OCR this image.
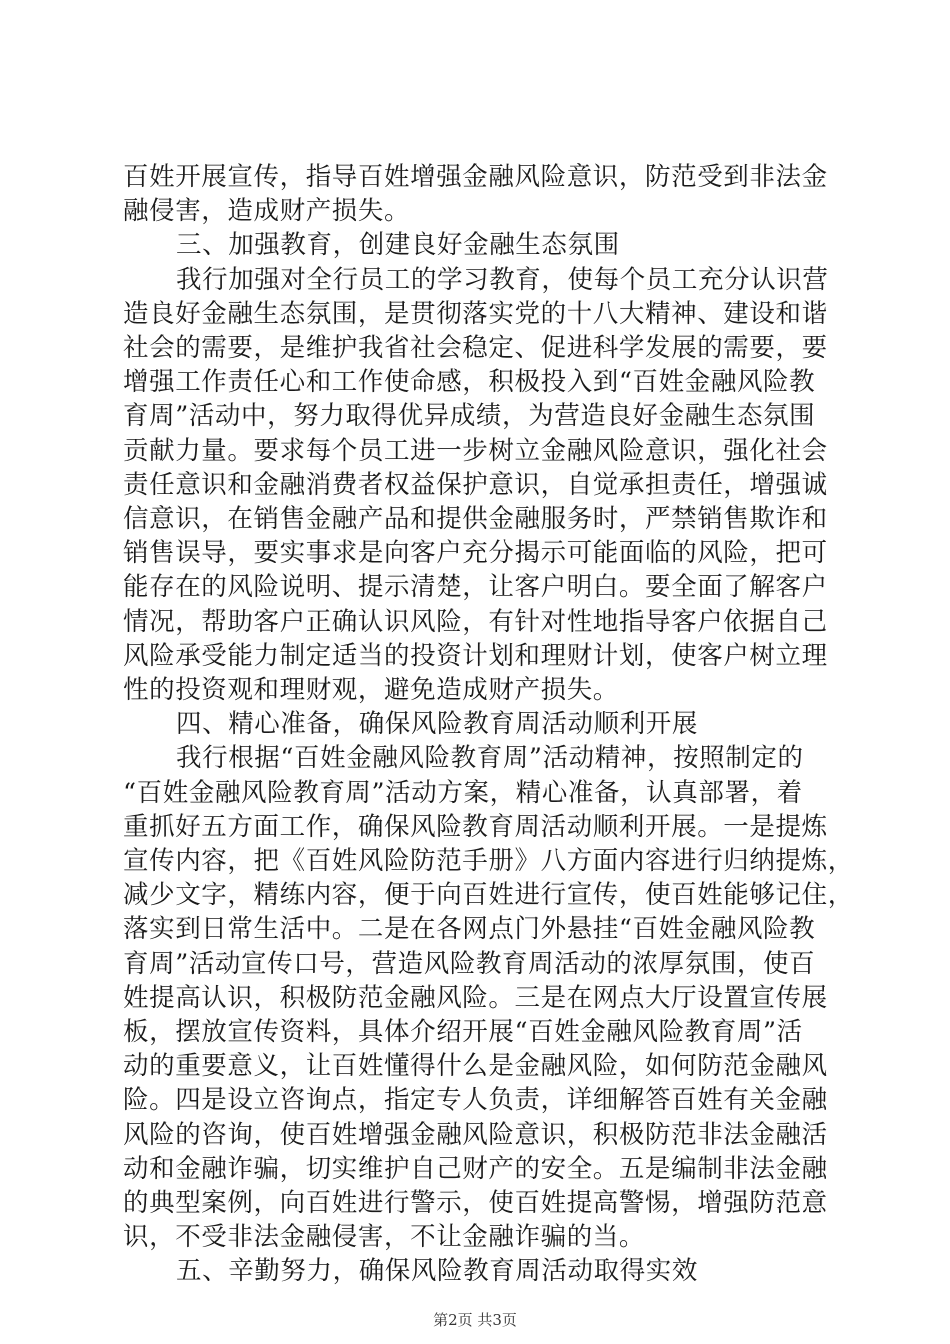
百姓开展宣传，指导百姓增强金融风险意识，防范受到非法金
融侵害，造成财产损失。
三、加强教育，创建良好金融生态氛围
我行加强对全行员工的学习教育，使每个员工充分认识营
造良好金融生态氛围，是贯彻落实党的十八大精神、建设和谐
社会的需要，是维护我省社会稳定、促进科学发展的需要，要
增强工作责任心和工作使命感，积极投入到“百姓金融风险教
育周”活动中，努力取得优异成绩，为营造良好金融生态氛围
贡献力量。要求每个员工进一步树立金融风险意识，强化社会
责任意识和金融消费者权益保护意识，自觉承担责任，增强诚
信意识，在销售金融产品和提供金融服务时，严禁销售欺诈和
销售误导，要实事求是向客户充分揭示可能面临的风险，把可
能存在的风险说明、提示清楚，让客户明白。要全面了解客户
情况，帮助客户正确认识风险，有针对性地指导客户依据自己
风险承受能力制定适当的投资计划和理财计划，使客户树立理
性的投资观和理财观，避免造成财产损失。
四、精心准备，确保风险教育周活动顺利开展
我行根据“百姓金融风险教育周”活动精神，按照制定的
“百姓金融风险教育周”活动方案，精心准备，认真部署，着
重抓好五方面工作，确保风险教育周活动顺利开展。一是提炼
宣传内容，把《百姓风险防范手册》八方面内容进行归纳提炼，
减少文字，精练内容，便于向百姓进行宣传，使百姓能够记住，
落实到日常生活中。二是在各网点门外悬挂“百姓金融风险教
育周”活动宣传口号，营造风险教育周活动的浓厚氛围，使百
姓提高认识，积极防范金融风险。三是在网点大厅设置宣传展
板，摆放宣传资料，具体介绍开展“百姓金融风险教育周”活
动的重要意义，让百姓懂得什么是金融风险，如何防范金融风
险。四是设立咨询点，指定专人负责，详细解答百姓有关金融
风险的咨询，使百姓增强金融风险意识，积极防范非法金融活
动和金融诈骗，切实维护自己财产的安全。五是编制非法金融
的典型案例，向百姓进行警示，使百姓提高警惕，增强防范意
识，不受非法金融侵害，不让金融诈骗的当。
五、辛勤努力，确保风险教育周活动取得实效
第2页 共3页
